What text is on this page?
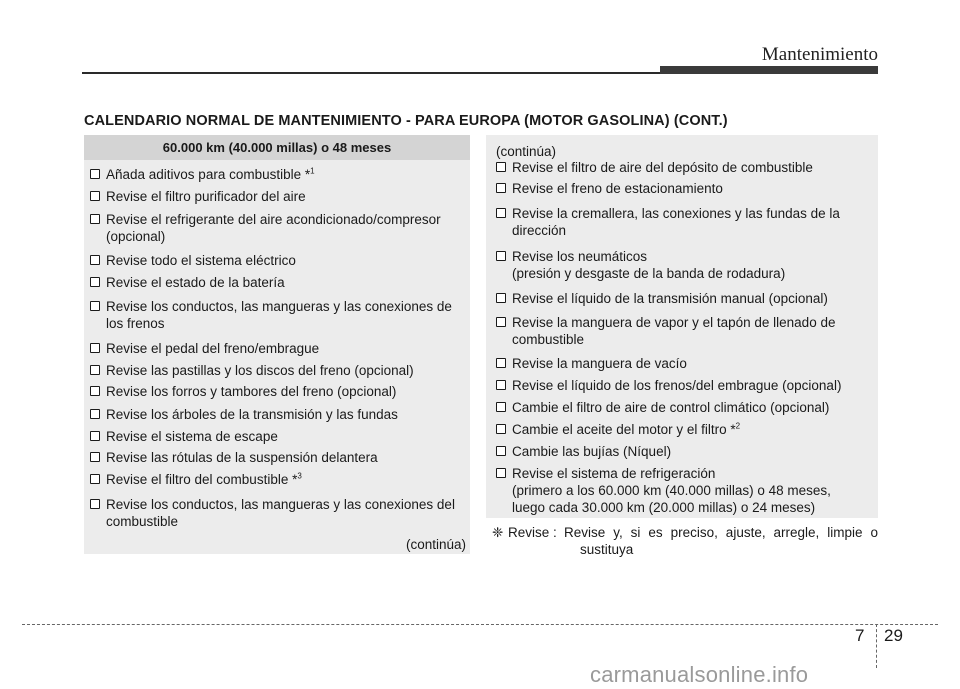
Mantenimiento
CALENDARIO NORMAL DE MANTENIMIENTO - PARA EUROPA (MOTOR GASOLINA) (CONT.)
60.000 km (40.000 millas) o 48 meses
Añada aditivos para combustible *$^1$
Revise el filtro purificador del aire
Revise el refrigerante del aire acondicionado/compresor
(opcional)
Revise todo el sistema eléctrico
Revise el estado de la batería
Revise los conductos, las mangueras y las conexiones de
los frenos
Revise el pedal del freno/embrague
Revise las pastillas y los discos del freno (opcional)
Revise los forros y tambores del freno (opcional)
Revise los árboles de la transmisión y las fundas
Revise el sistema de escape
Revise las rótulas de la suspensión delantera
Revise el filtro del combustible *$^3$
Revise los conductos, las mangueras y las conexiones del
combustible
(continúa)
(continúa)
Revise el filtro de aire del depósito de combustible
Revise el freno de estacionamiento
Revise la cremallera, las conexiones y las fundas de la
dirección
Revise los neumáticos
(presión y desgaste de la banda de rodadura)
Revise el líquido de la transmisión manual (opcional)
Revise la manguera de vapor y el tapón de llenado de
combustible
Revise la manguera de vacío
Revise el líquido de los frenos/del embrague (opcional)
Cambie el filtro de aire de control climático (opcional)
Cambie el aceite del motor y el filtro *$^2$
Cambie las bujías (Níquel)
Revise el sistema de refrigeración
(primero a los 60.000 km (40.000 millas) o 48 meses,
luego cada 30.000 km (20.000 millas) o 24 meses)
❈ Revise : Revise y, si es preciso, ajuste, arregle, limpie o
sustituya
7 29
carmanualsonline.info
